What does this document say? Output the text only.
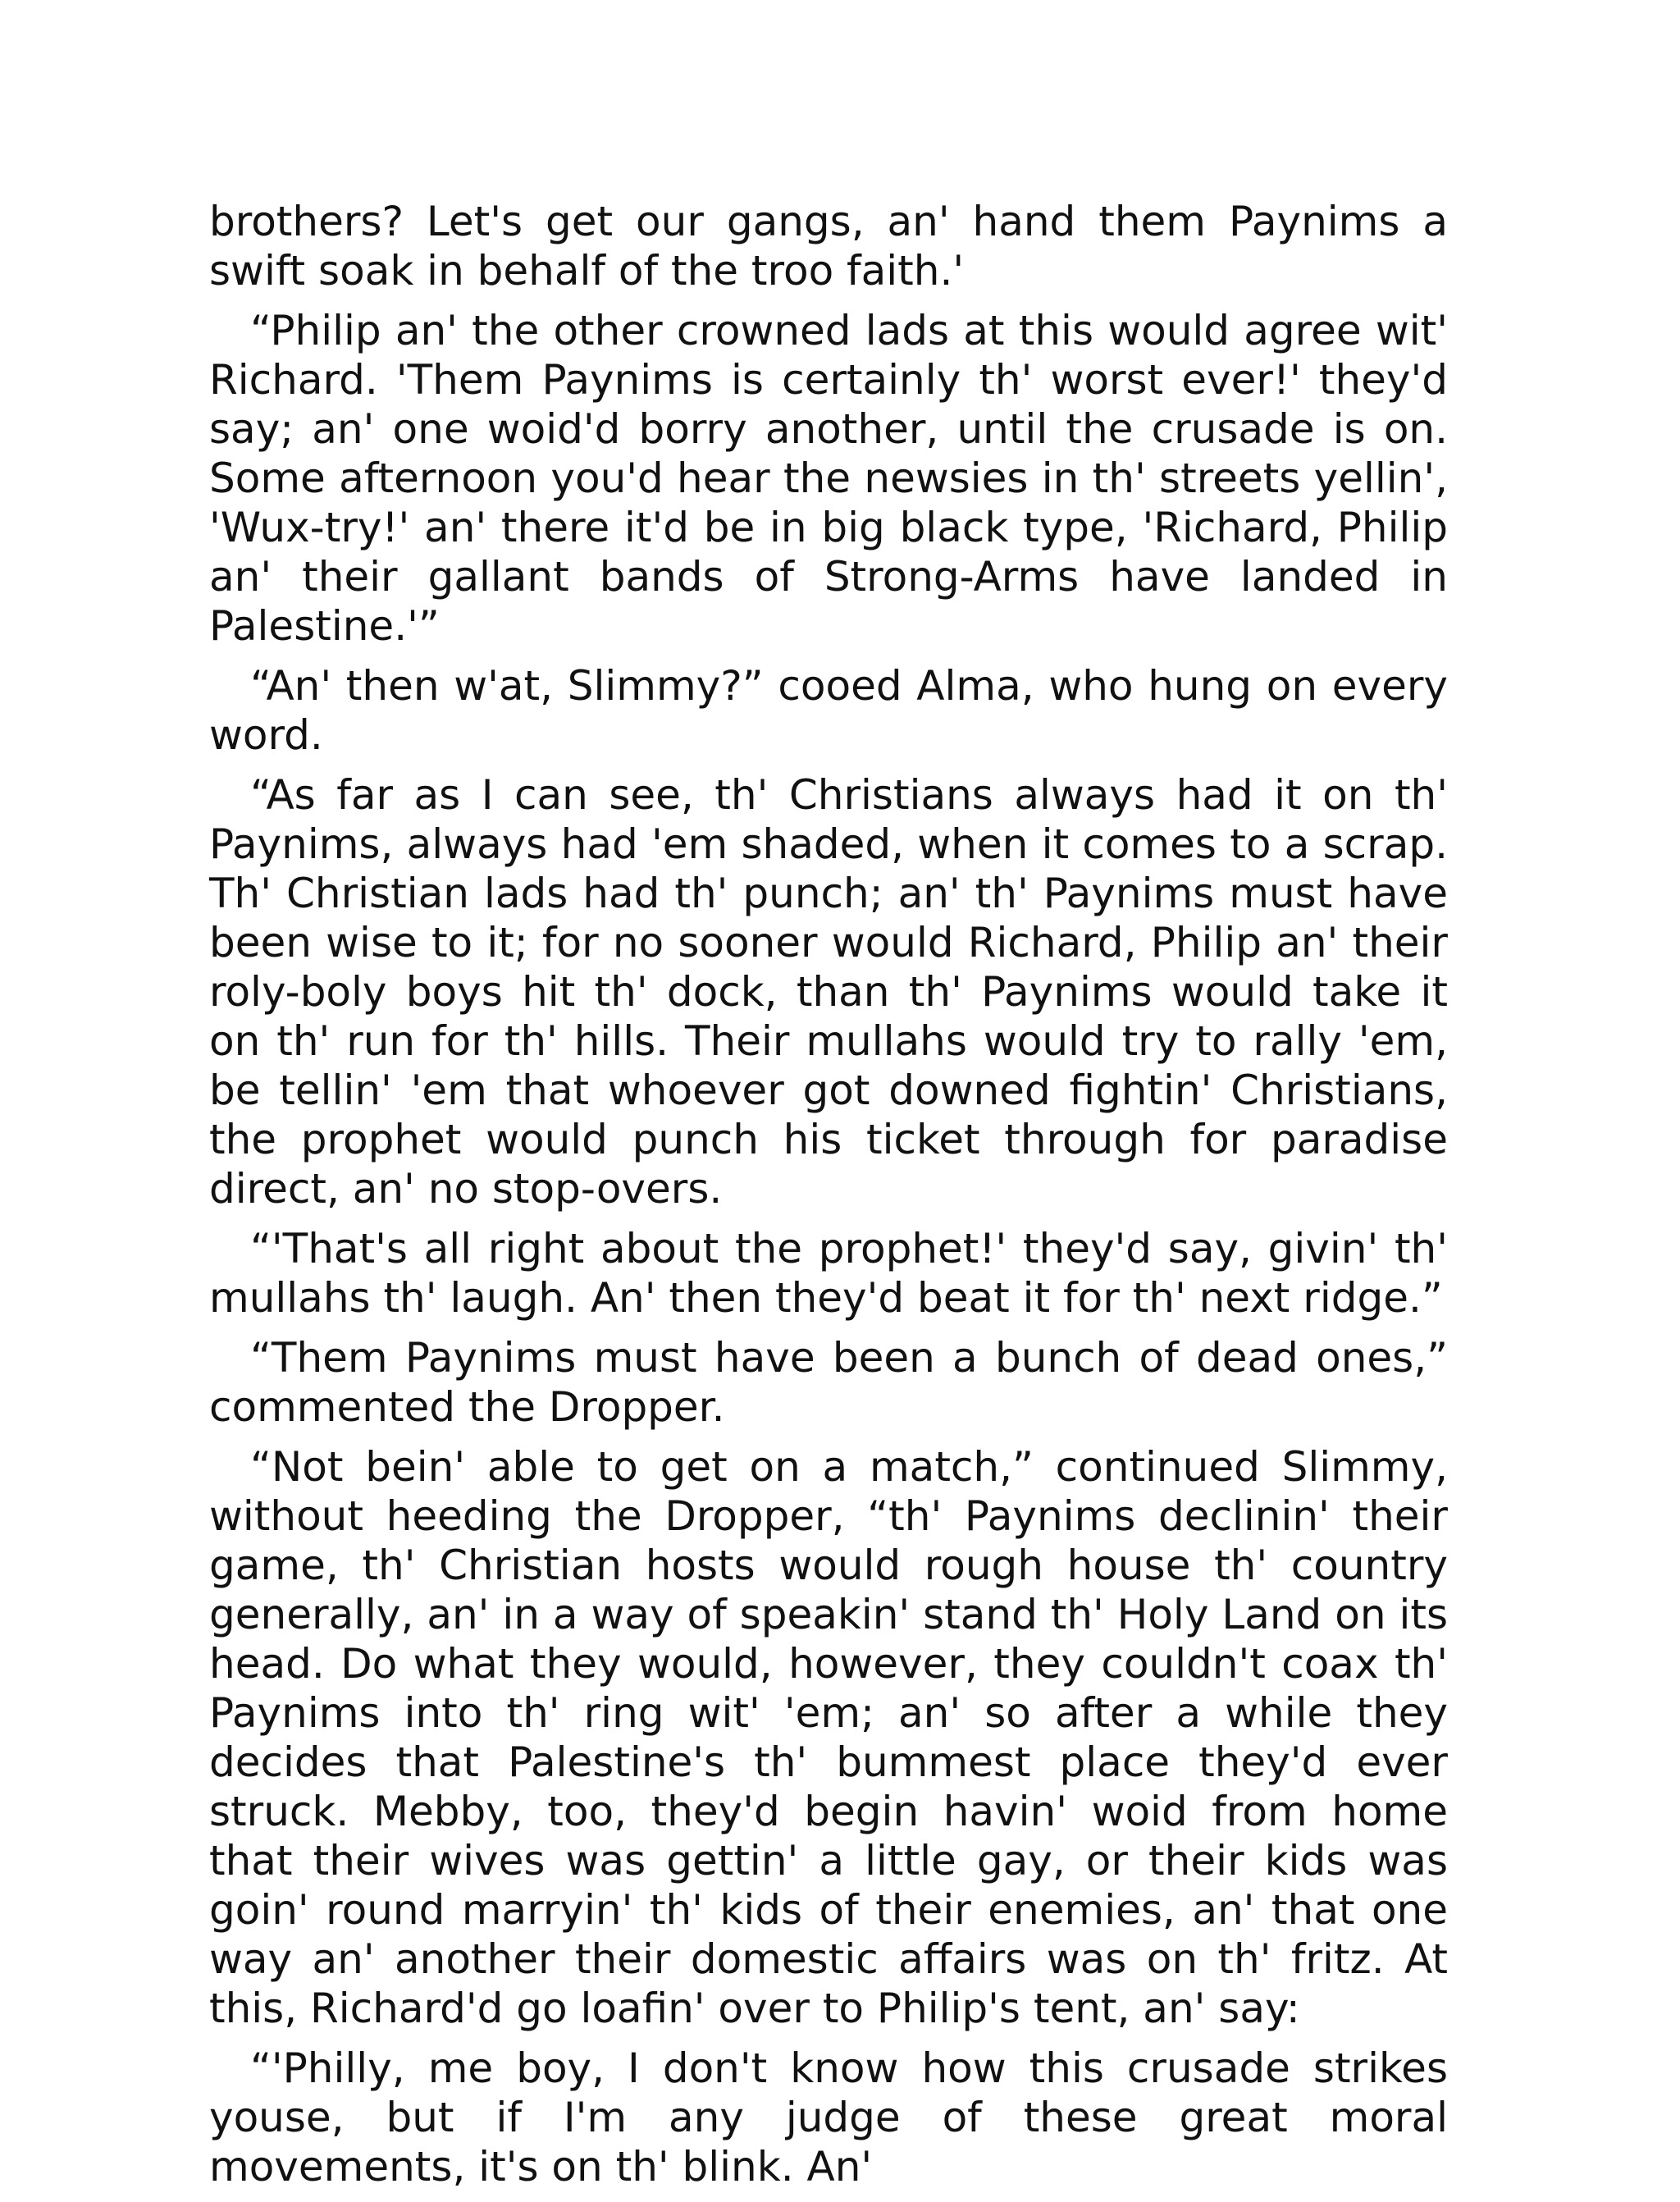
brothers? Let's get our gangs, an' hand them Paynims a swift soak in behalf of the troo faith.'

“Philip an' the other crowned lads at this would agree wit' Richard. 'Them Paynims is certainly th' worst ever!' they'd say; an' one woid'd borry another, until the crusade is on. Some afternoon you'd hear the newsies in th' streets yellin', 'Wux-try!' an' there it'd be in big black type, 'Richard, Philip an' their gallant bands of Strong-Arms have landed in Palestine.'”

“An' then w'at, Slimmy?” cooed Alma, who hung on every word.

“As far as I can see, th' Christians always had it on th' Paynims, always had 'em shaded, when it comes to a scrap. Th' Christian lads had th' punch; an' th' Paynims must have been wise to it; for no sooner would Richard, Philip an' their roly-boly boys hit th' dock, than th' Paynims would take it on th' run for th' hills. Their mullahs would try to rally 'em, be tellin' 'em that whoever got downed fightin' Christians, the prophet would punch his ticket through for paradise direct, an' no stop-overs.

“'That's all right about the prophet!' they'd say, givin' th' mullahs th' laugh. An' then they'd beat it for th' next ridge.”

“Them Paynims must have been a bunch of dead ones,” commented the Dropper.

“Not bein' able to get on a match,” continued Slimmy, without heeding the Dropper, “th' Paynims declinin' their game, th' Christian hosts would rough house th' country generally, an' in a way of speakin' stand th' Holy Land on its head. Do what they would, however, they couldn't coax th' Paynims into th' ring wit' 'em; an' so after a while they decides that Palestine's th' bummest place they'd ever struck. Mebby, too, they'd begin havin' woid from home that their wives was gettin' a little gay, or their kids was goin' round marryin' th' kids of their enemies, an' that one way an' another their domestic affairs was on th' fritz. At this, Richard'd go loafin' over to Philip's tent, an' say:

“'Philly, me boy, I don't know how this crusade strikes youse, but if I'm any judge of these great moral movements, it's on th' blink. An'
